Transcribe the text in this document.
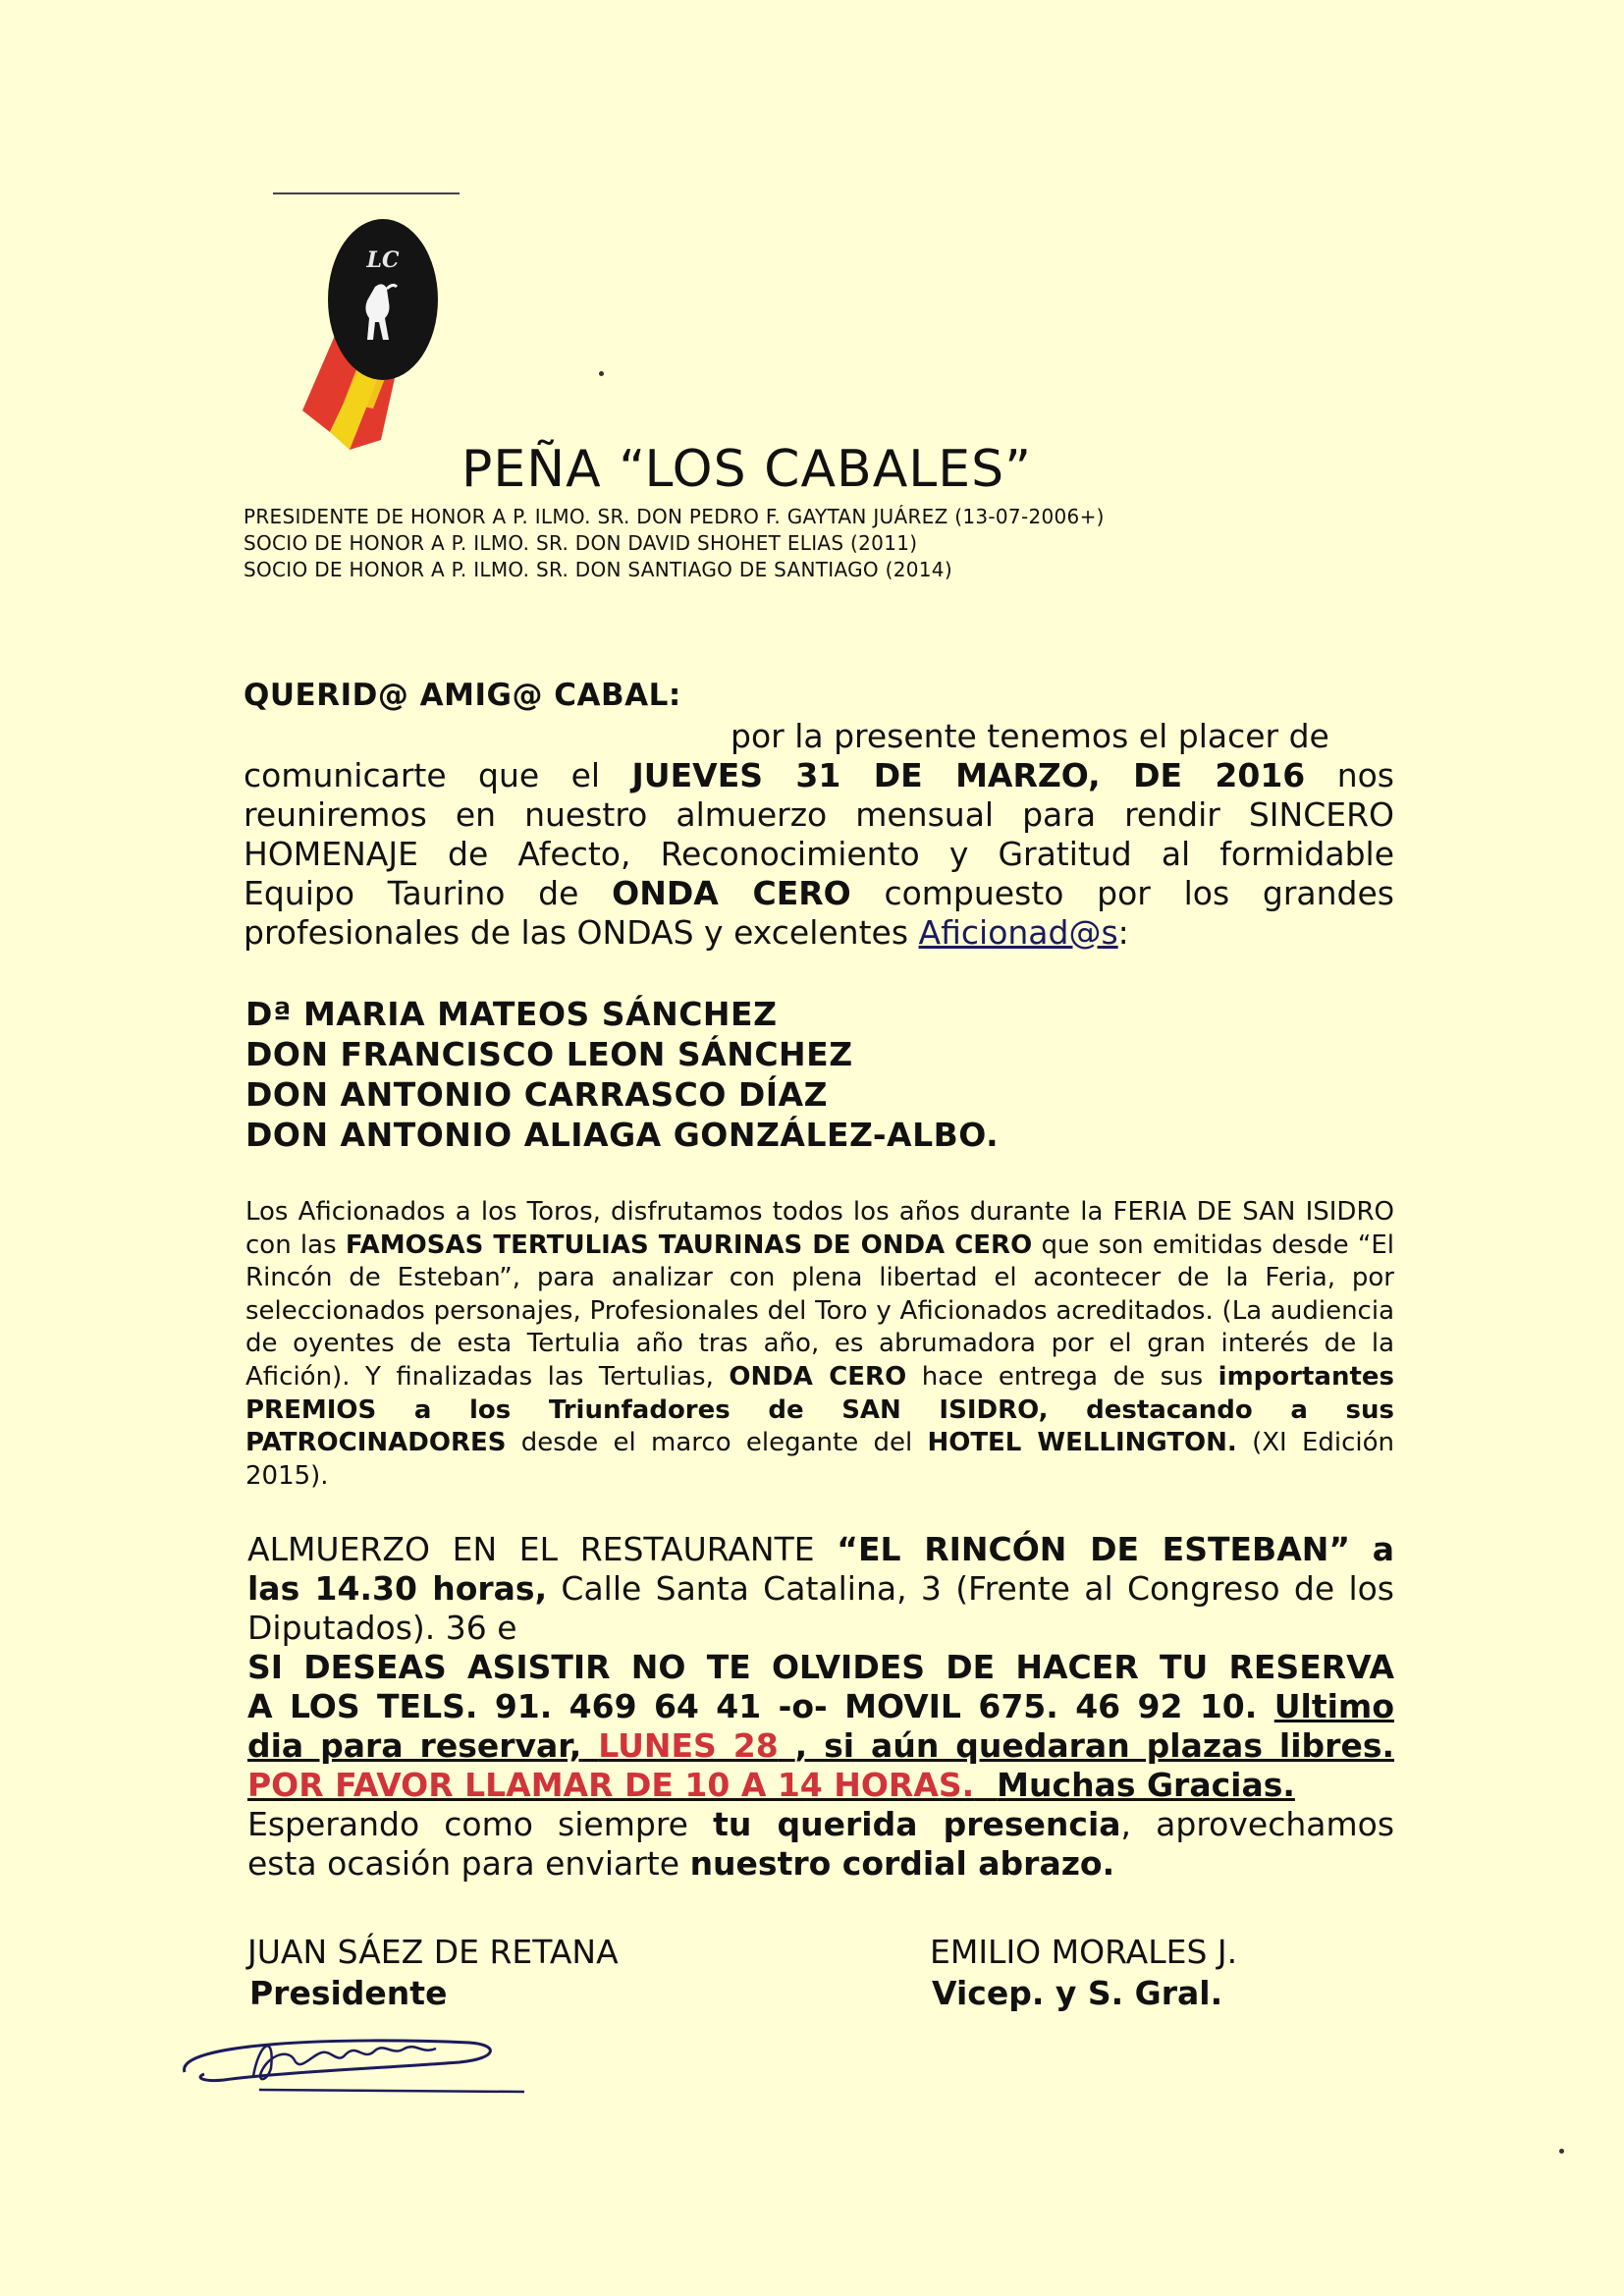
LC
PEÑA “LOS CABALES”
PRESIDENTE DE HONOR A P. ILMO. SR. DON PEDRO F. GAYTAN JUÁREZ (13-07-2006+)
SOCIO DE HONOR A P. ILMO. SR. DON DAVID SHOHET ELIAS (2011)
SOCIO DE HONOR A P. ILMO. SR. DON SANTIAGO DE SANTIAGO (2014)
QUERID@ AMIG@ CABAL:
por la presente tenemos el placer de
comunicarte que el JUEVES 31 DE MARZO, DE 2016 nos
reuniremos en nuestro almuerzo mensual para rendir SINCERO
HOMENAJE de Afecto, Reconocimiento y Gratitud al formidable
Equipo Taurino de ONDA CERO compuesto por los grandes
profesionales de las ONDAS y excelentes Aficionad@s:
Dª MARIA MATEOS SÁNCHEZ
DON FRANCISCO LEON SÁNCHEZ
DON ANTONIO CARRASCO DÍAZ
DON ANTONIO ALIAGA GONZÁLEZ-ALBO.
Los Aficionados a los Toros, disfrutamos todos los años durante la FERIA DE SAN ISIDRO con las FAMOSAS TERTULIAS TAURINAS DE ONDA CERO que son emitidas desde “El Rincón de Esteban”, para analizar con plena libertad el acontecer de la Feria, por seleccionados personajes, Profesionales del Toro y Aficionados acreditados. (La audiencia de oyentes de esta Tertulia año tras año, es abrumadora por el gran interés de la Afición). Y finalizadas las Tertulias, ONDA CERO hace entrega de sus importantes PREMIOS a los Triunfadores de SAN ISIDRO, destacando a sus PATROCINADORES desde el marco elegante del HOTEL WELLINGTON. (XI Edición 2015).
ALMUERZO EN EL RESTAURANTE “EL RINCÓN DE ESTEBAN” a
las 14.30 horas, Calle Santa Catalina, 3 (Frente al Congreso de los
Diputados). 36 e
SI DESEAS ASISTIR NO TE OLVIDES DE HACER TU RESERVA
A LOS TELS. 91. 469 64 41 -o- MOVIL 675. 46 92 10. Ultimo
dia para reservar, LUNES 28 , si aún quedaran plazas libres.
POR FAVOR LLAMAR DE 10 A 14 HORAS. Muchas Gracias.
Esperando como siempre tu querida presencia, aprovechamos
esta ocasión para enviarte nuestro cordial abrazo.
JUAN SÁEZ DE RETANA
Presidente
EMILIO MORALES J.
Vicep. y S. Gral.
